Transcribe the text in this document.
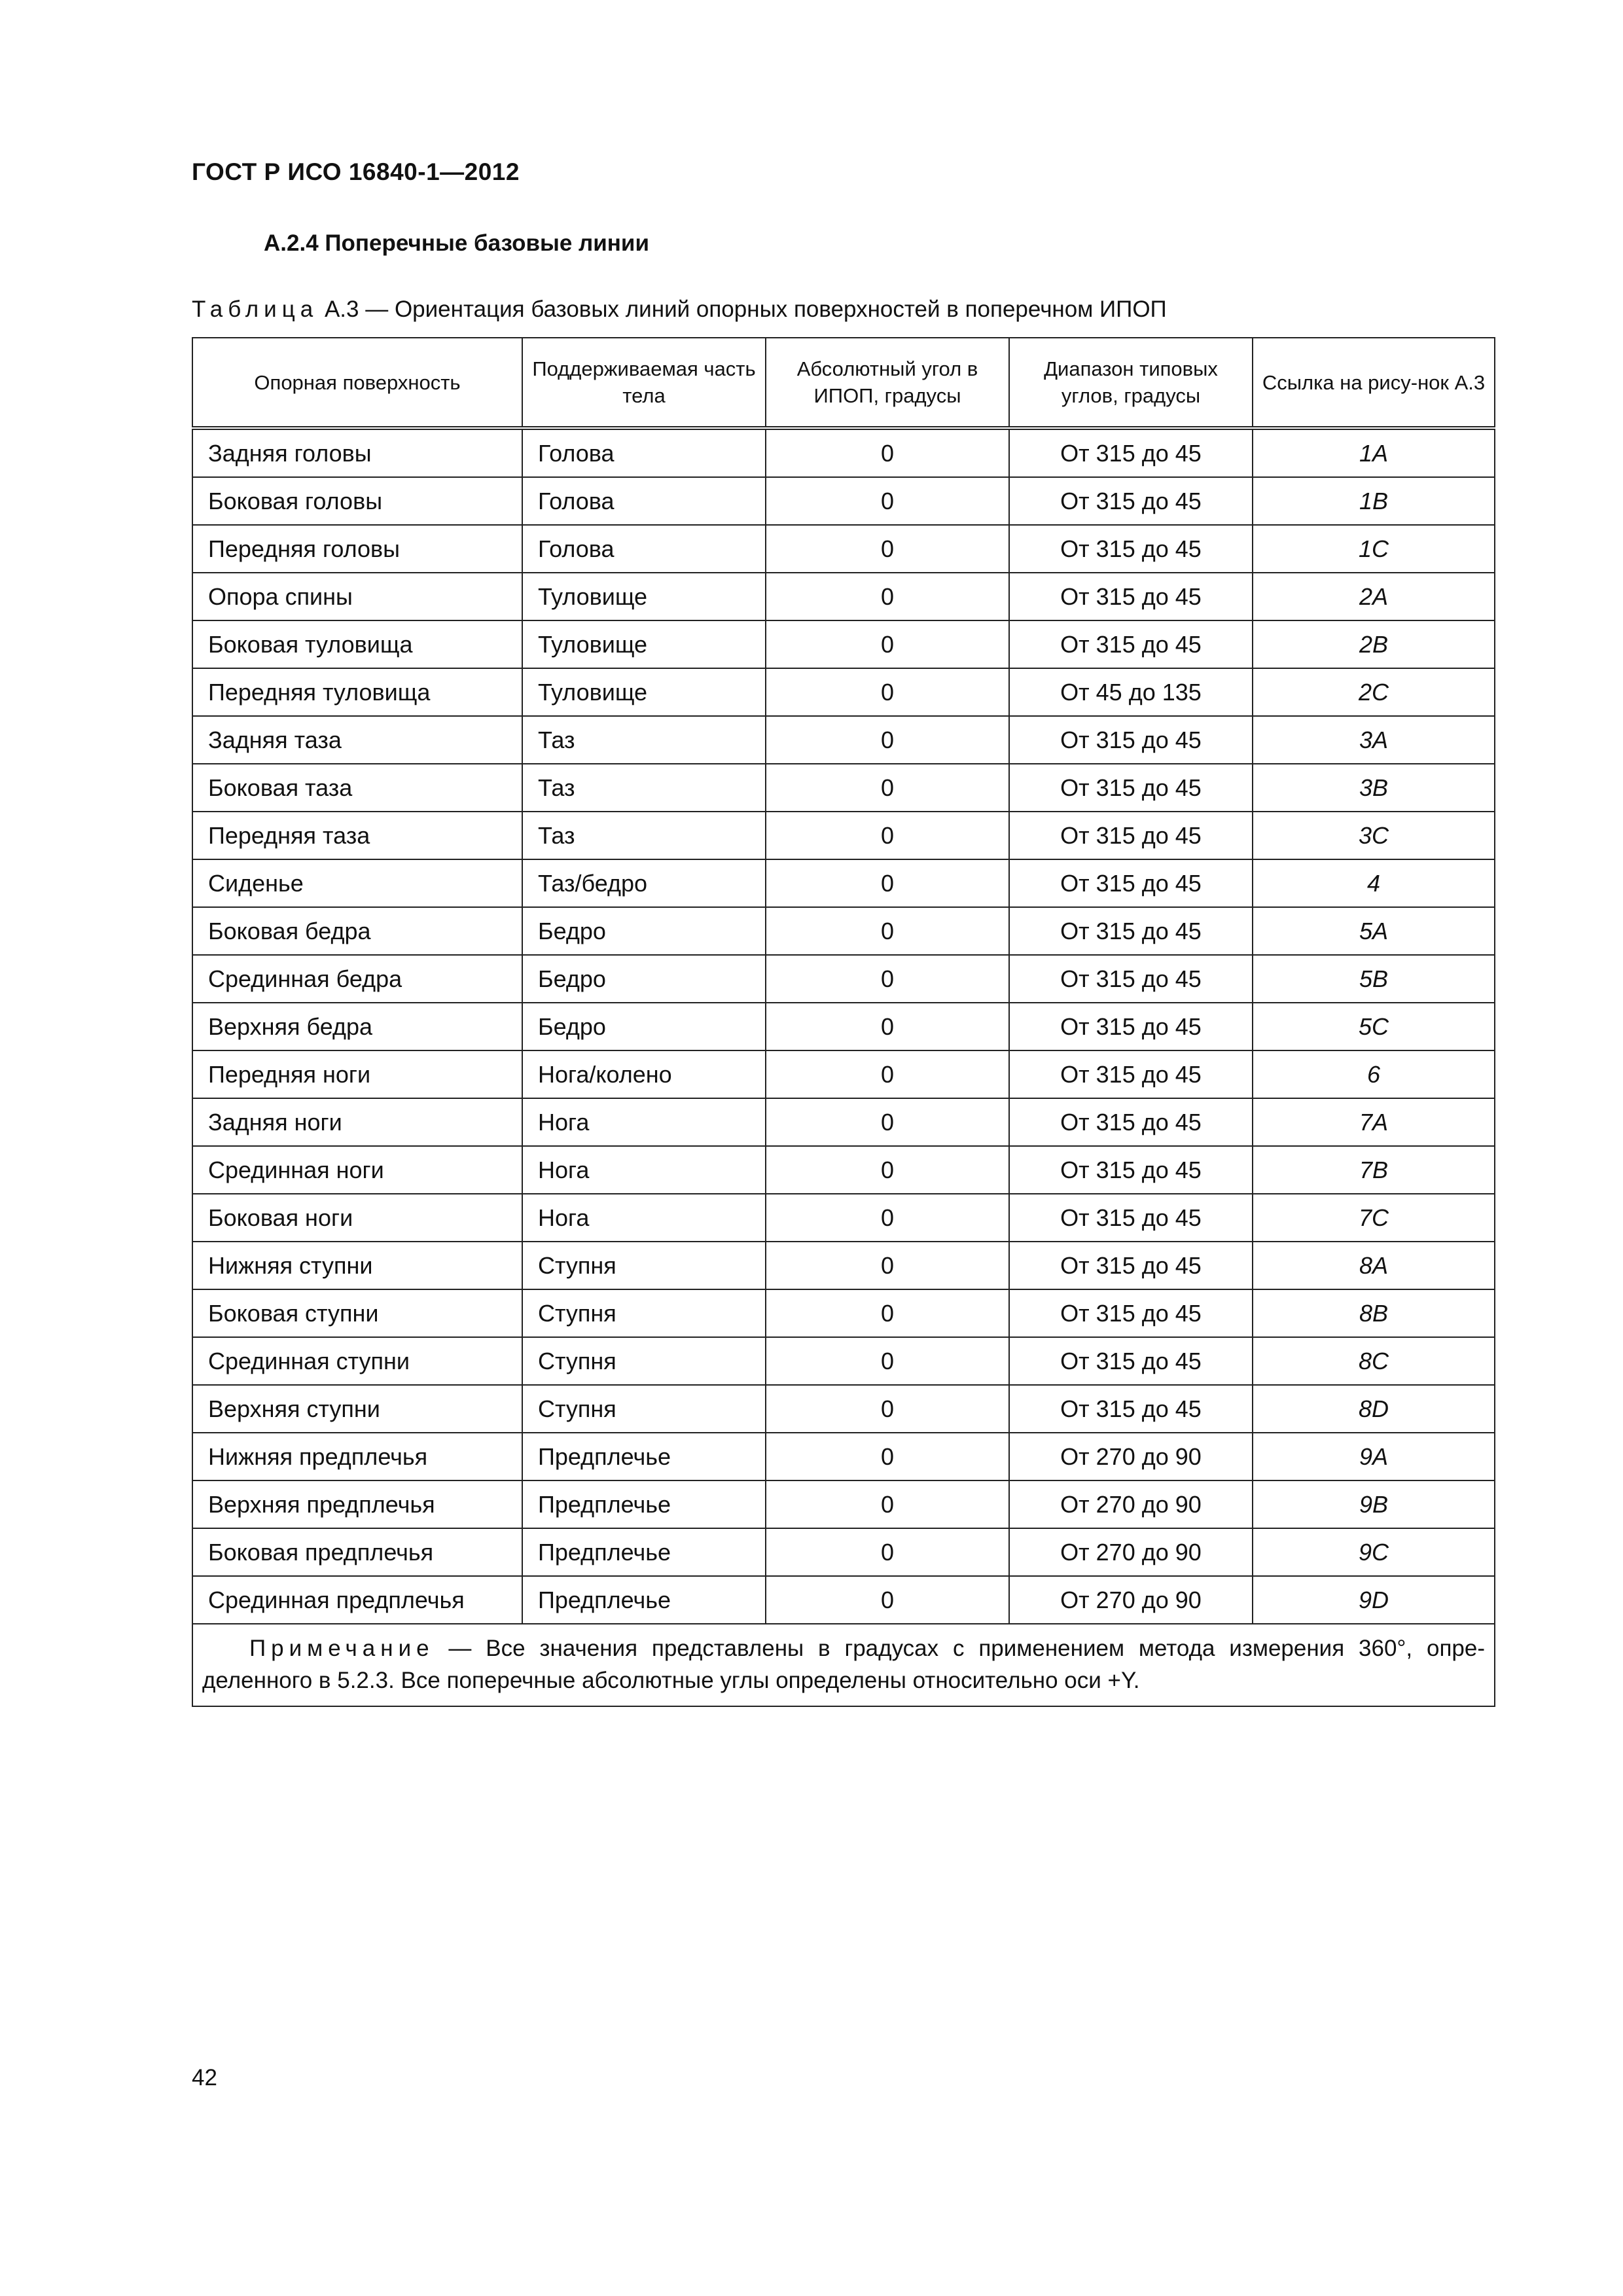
ГОСТ Р ИСО 16840-1—2012
А.2.4 Поперечные базовые линии
Таблица А.3 — Ориентация базовых линий опорных поверхностей в поперечном ИПОП
Опорная поверхность	Поддерживаемая часть тела	Абсолютный угол в ИПОП, градусы	Диапазон типовых углов, градусы	Ссылка на рису-нок А.3
Задняя головы	Голова	0	От 315 до 45	1A
Боковая головы	Голова	0	От 315 до 45	1B
Передняя головы	Голова	0	От 315 до 45	1C
Опора спины	Туловище	0	От 315 до 45	2A
Боковая туловища	Туловище	0	От 315 до 45	2B
Передняя туловища	Туловище	0	От 45 до 135	2C
Задняя таза	Таз	0	От 315 до 45	3A
Боковая таза	Таз	0	От 315 до 45	3B
Передняя таза	Таз	0	От 315 до 45	3C
Сиденье	Таз/бедро	0	От 315 до 45	4
Боковая бедра	Бедро	0	От 315 до 45	5A
Срединная бедра	Бедро	0	От 315 до 45	5B
Верхняя бедра	Бедро	0	От 315 до 45	5C
Передняя ноги	Нога/колено	0	От 315 до 45	6
Задняя ноги	Нога	0	От 315 до 45	7A
Срединная ноги	Нога	0	От 315 до 45	7B
Боковая ноги	Нога	0	От 315 до 45	7C
Нижняя ступни	Ступня	0	От 315 до 45	8A
Боковая ступни	Ступня	0	От 315 до 45	8B
Срединная ступни	Ступня	0	От 315 до 45	8C
Верхняя ступни	Ступня	0	От 315 до 45	8D
Нижняя предплечья	Предплечье	0	От 270 до 90	9A
Верхняя предплечья	Предплечье	0	От 270 до 90	9B
Боковая предплечья	Предплечье	0	От 270 до 90	9C
Срединная предплечья	Предплечье	0	От 270 до 90	9D
Примечание — Все значения представлены в градусах с применением метода измерения 360°, опре-деленного в 5.2.3. Все поперечные абсолютные углы определены относительно оси +Y.				
42
